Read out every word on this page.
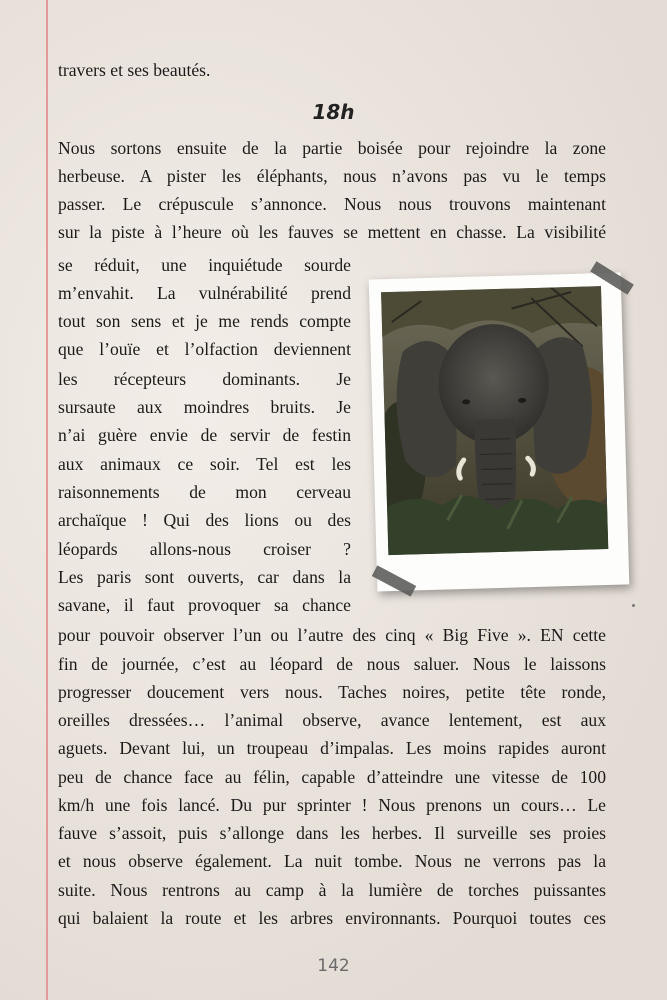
travers et ses beautés.
18h
Nous sortons ensuite de la partie boisée pour rejoindre la zone
herbeuse. A pister les éléphants, nous n’avons pas vu le temps
passer. Le crépuscule s’annonce. Nous nous trouvons maintenant
sur la piste à l’heure où les fauves se mettent en chasse. La visibilité
se réduit, une inquiétude sourde
m’envahit. La vulnérabilité prend
tout son sens et je me rends compte
que l’ouïe et l’olfaction deviennent
les récepteurs dominants. Je
sursaute aux moindres bruits. Je
n’ai guère envie de servir de festin
aux animaux ce soir. Tel est les
raisonnements de mon cerveau
archaïque ! Qui des lions ou des
léopards allons-nous croiser ?
Les paris sont ouverts, car dans la
savane, il faut provoquer sa chance
pour pouvoir observer l’un ou l’autre des cinq « Big Five ». EN cette
fin de journée, c’est au léopard de nous saluer. Nous le laissons
progresser doucement vers nous. Taches noires, petite tête ronde,
oreilles dressées… l’animal observe, avance lentement, est aux
aguets. Devant lui, un troupeau d’impalas. Les moins rapides auront
peu de chance face au félin, capable d’atteindre une vitesse de 100
km/h une fois lancé. Du pur sprinter ! Nous prenons un cours… Le
fauve s’assoit, puis s’allonge dans les herbes. Il surveille ses proies
et nous observe également. La nuit tombe. Nous ne verrons pas la
suite. Nous rentrons au camp à la lumière de torches puissantes
qui balaient la route et les arbres environnants. Pourquoi toutes ces
142
